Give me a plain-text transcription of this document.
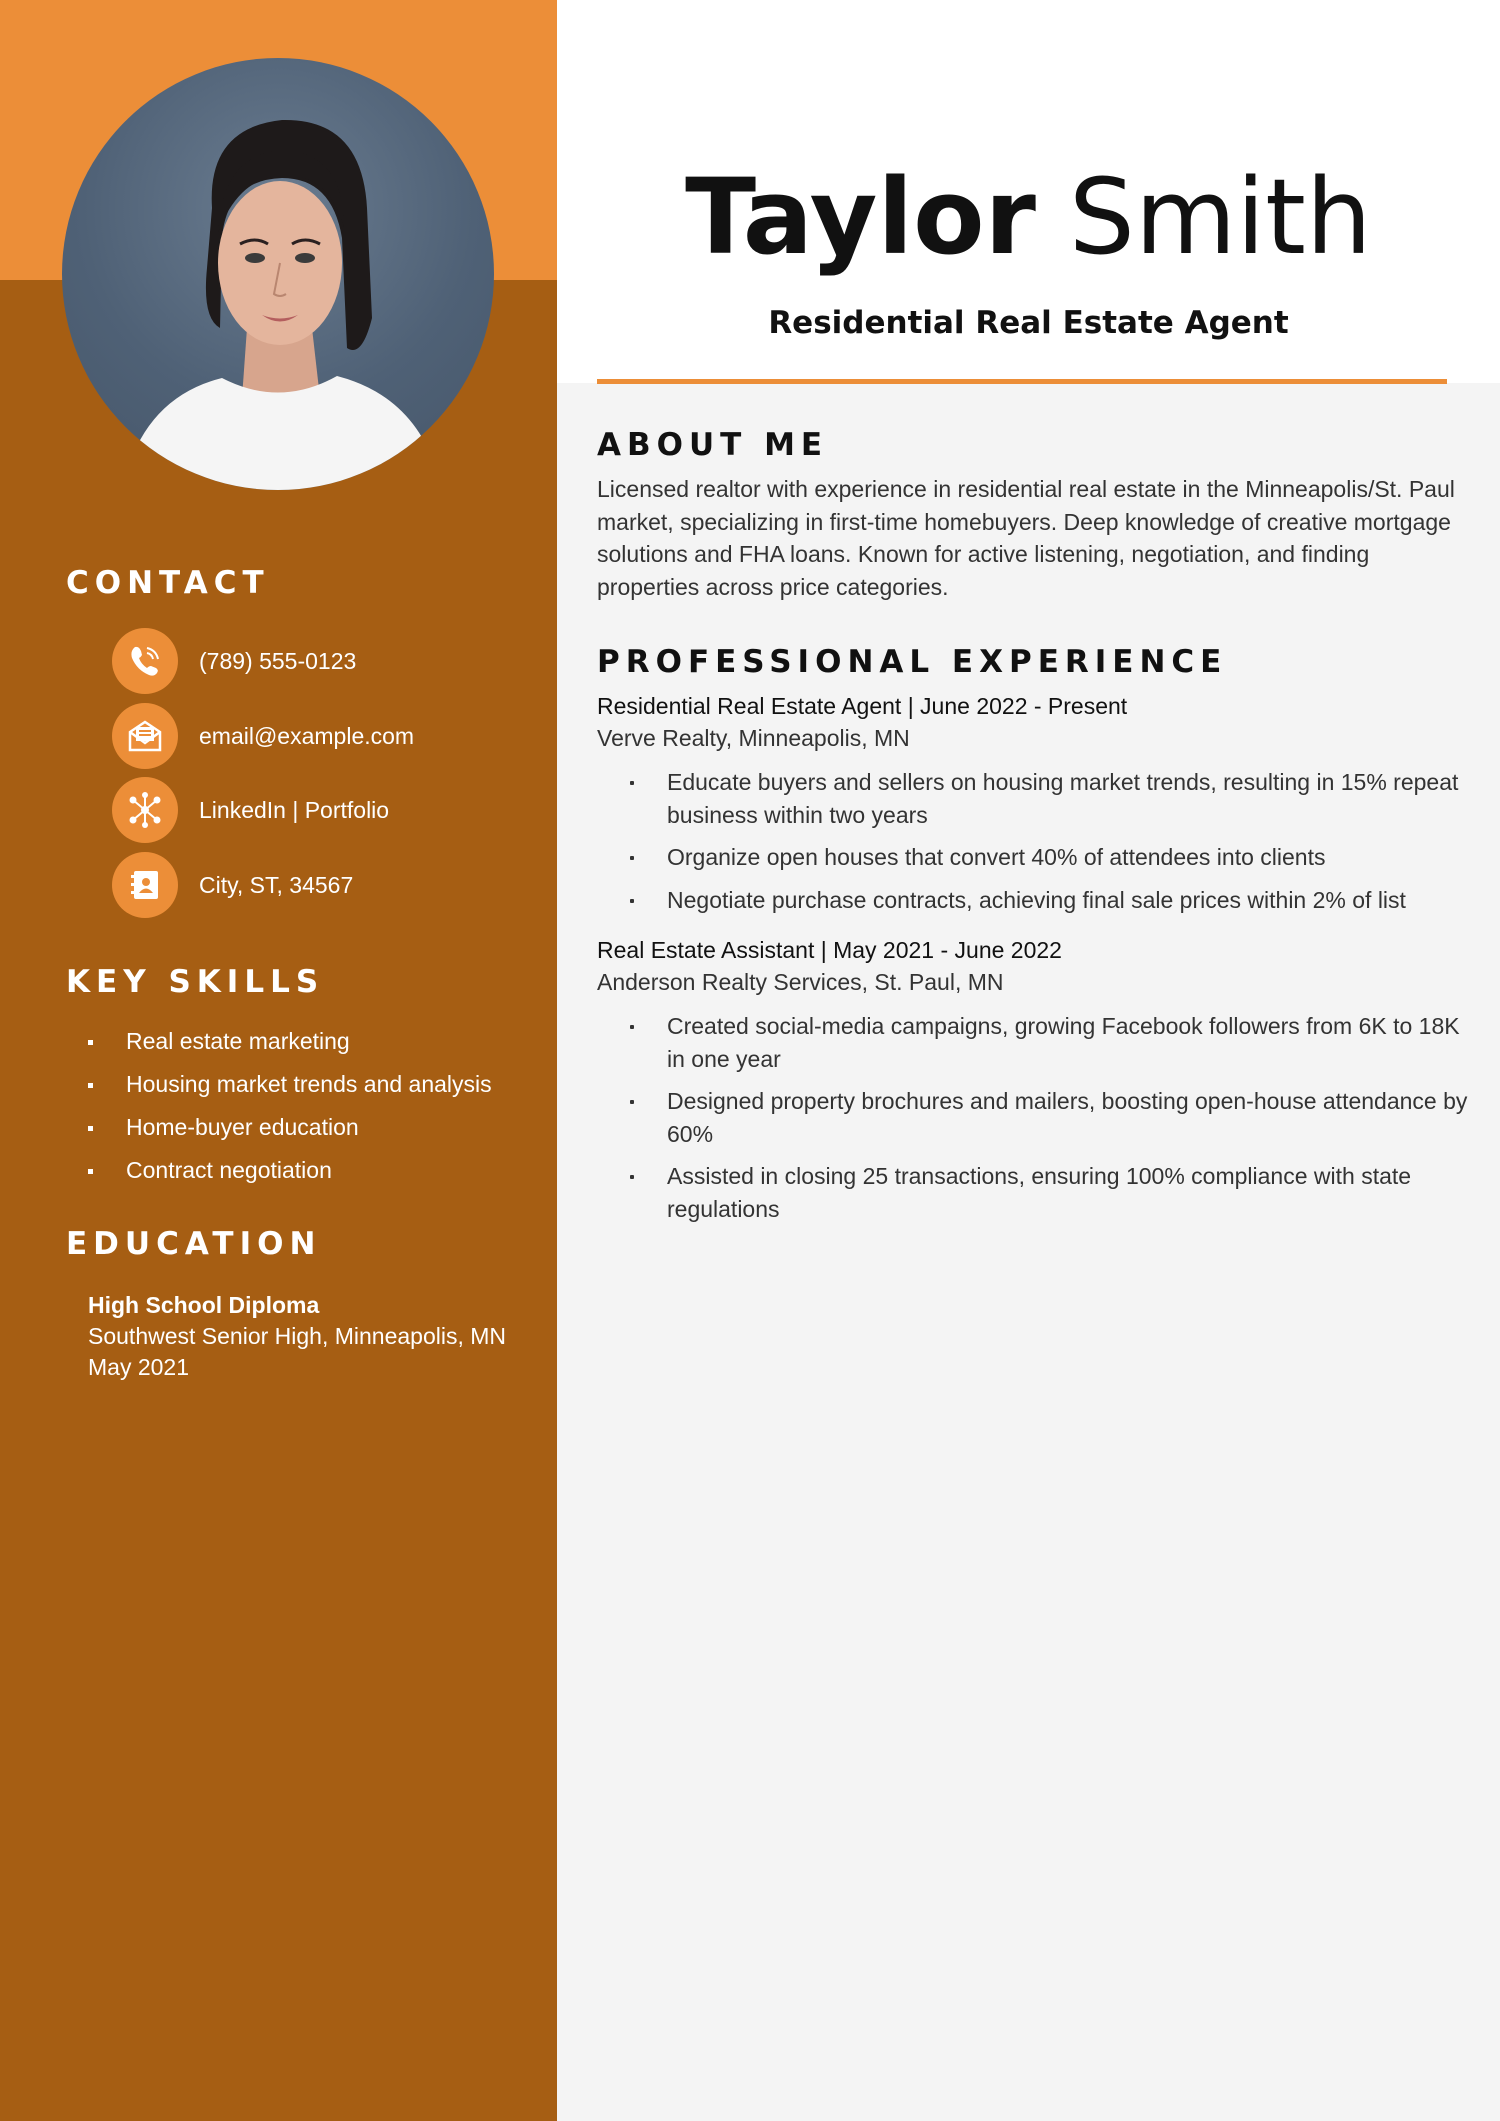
CONTACT
(789) 555-0123
email@example.com
LinkedIn | Portfolio
City, ST, 34567
KEY SKILLS
Real estate marketing
Housing market trends and analysis
Home-buyer education
Contract negotiation
EDUCATION
High School Diploma
Southwest Senior High, Minneapolis, MN
May 2021
Taylor Smith
Residential Real Estate Agent
ABOUT ME
Licensed realtor with experience in residential real estate in the Minneapolis/St. Paul market, specializing in first-time homebuyers. Deep knowledge of creative mortgage solutions and FHA loans. Known for active listening, negotiation, and finding properties across price categories.
PROFESSIONAL EXPERIENCE
Residential Real Estate Agent | June 2022 - Present
Verve Realty, Minneapolis, MN
Educate buyers and sellers on housing market trends, resulting in 15% repeat business within two years
Organize open houses that convert 40% of attendees into clients
Negotiate purchase contracts, achieving final sale prices within 2% of list
Real Estate Assistant | May 2021 - June 2022
Anderson Realty Services, St. Paul, MN
Created social-media campaigns, growing Facebook followers from 6K to 18K in one year
Designed property brochures and mailers, boosting open-house attendance by 60%
Assisted in closing 25 transactions, ensuring 100% compliance with state regulations
